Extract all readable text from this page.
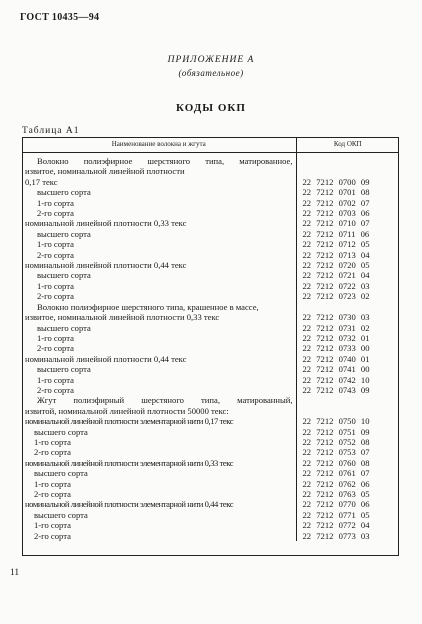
ГОСТ 10435—94
ПРИЛОЖЕНИЕ А
(обязательное)
КОДЫ ОКП
Таблица А1
Наименование волокна и жгута	Код ОКП
Волокно полиэфирное шерстяного типа, матированное,	
извитое, номинальной линейной плотности	
0,17 текс	22 7212 0700 09
высшего сорта	22 7212 0701 08
1-го сорта	22 7212 0702 07
2-го сорта	22 7212 0703 06
номинальной линейной плотности 0,33 текс	22 7212 0710 07
высшего сорта	22 7212 0711 06
1-го сорта	22 7212 0712 05
2-го сорта	22 7212 0713 04
номинальной линейной плотности 0,44 текс	22 7212 0720 05
высшего сорта	22 7212 0721 04
1-го сорта	22 7212 0722 03
2-го сорта	22 7212 0723 02
Волокно полиэфирное шерстяного типа, крашенное в массе,	
извитое, номинальной линейной плотности 0,33 текс	22 7212 0730 03
высшего сорта	22 7212 0731 02
1-го сорта	22 7212 0732 01
2-го сорта	22 7212 0733 00
номинальной линейной плотности 0,44 текс	22 7212 0740 01
высшего сорта	22 7212 0741 00
1-го сорта	22 7212 0742 10
2-го сорта	22 7212 0743 09
Жгут полиэфирный шерстяного типа, матированный,	
извитой, номинальной линейной плотности 50000 текс:	
номинальной линейной плотности элементарной нити 0,17 текс	22 7212 0750 10
высшего сорта	22 7212 0751 09
1-го сорта	22 7212 0752 08
2-го сорта	22 7212 0753 07
номинальной линейной плотности элементарной нити 0,33 текс	22 7212 0760 08
высшего сорта	22 7212 0761 07
1-го сорта	22 7212 0762 06
2-го сорта	22 7212 0763 05
номинальной линейной плотности элементарной нити 0,44 текс	22 7212 0770 06
высшего сорта	22 7212 0771 05
1-го сорта	22 7212 0772 04
2-го сорта	22 7212 0773 03
11
